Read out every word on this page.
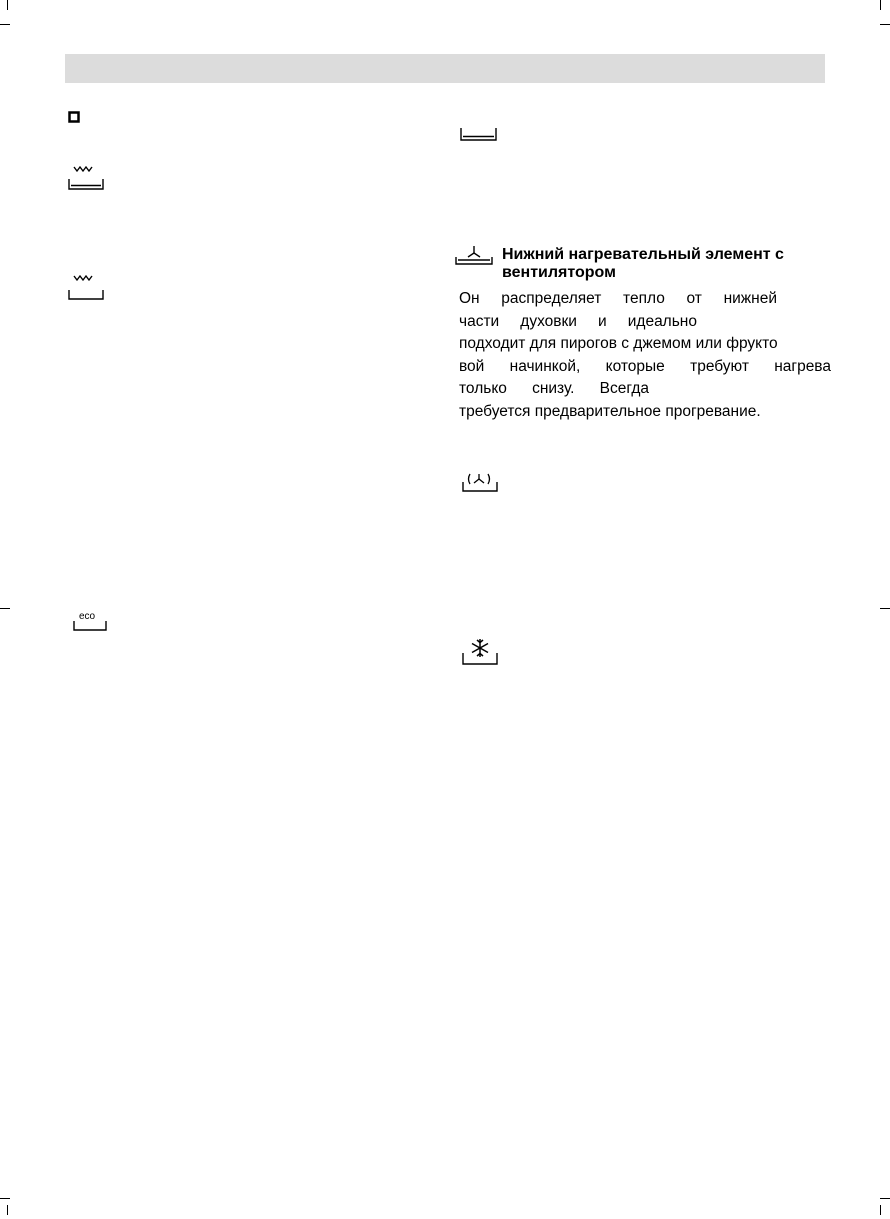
eco
Нижний нагревательный элемент с вентилятором

Он распределяет тепло от нижней
части духовки и идеально
подходит для пирогов с джемом или фрукто
вой начинкой, которые требуют нагрева
только снизу. Всегда
требуется предварительное прогревание.
